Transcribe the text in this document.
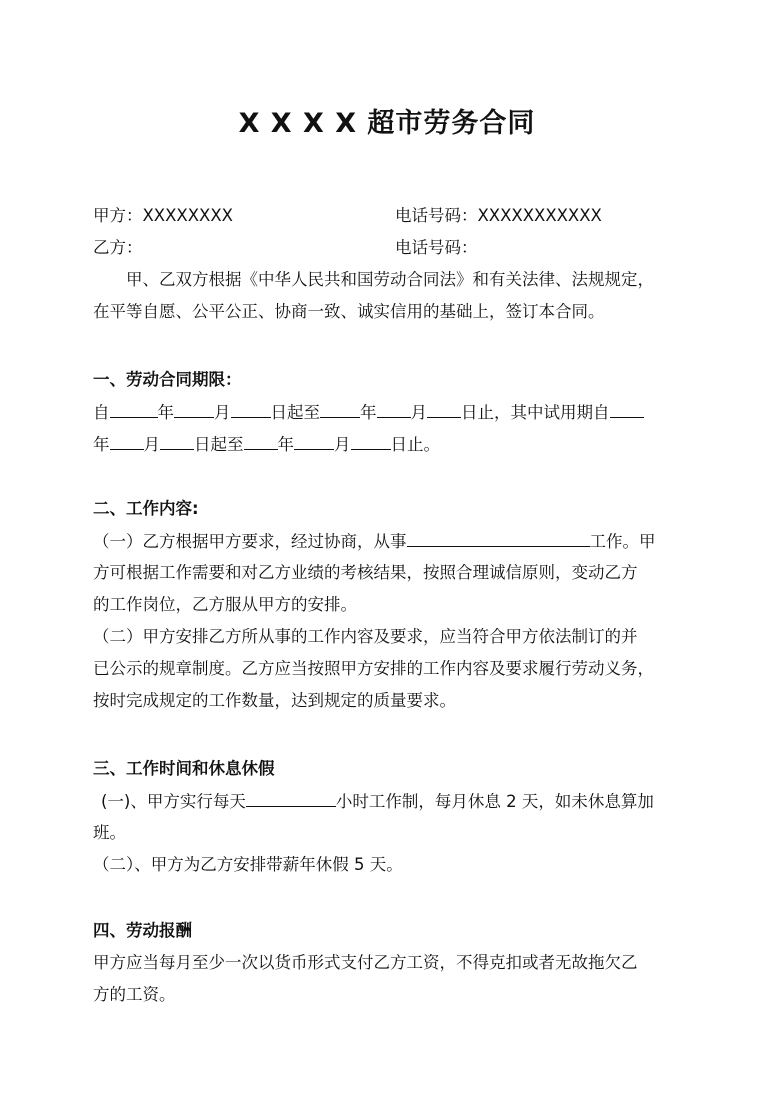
X X X X 超市劳务合同
甲方：XXXXXXXX	电话号码：XXXXXXXXXXX
乙方：	电话号码：
甲、乙双方根据《中华人民共和国劳动合同法》和有关法律、法规规定，
在平等自愿、公平公正、协商一致、诚实信用的基础上，签订本合同。
一、劳动合同期限：
自	年 月 日起至 年 月 日止，其中试用期自
年 月 日起至 年 月 日止。
二、工作内容:
（一）乙方根据甲方要求，经过协商，从事	工作。甲
方可根据工作需要和对乙方业绩的考核结果，按照合理诚信原则，变动乙方
的工作岗位，乙方服从甲方的安排。
（二）甲方安排乙方所从事的工作内容及要求，应当符合甲方依法制订的并
已公示的规章制度。乙方应当按照甲方安排的工作内容及要求履行劳动义务，
按时完成规定的工作数量，达到规定的质量要求。
三、工作时间和休息休假
(一)、甲方实行每天	小时工作制，每月休息 2 天，如未休息算加
班。
（二）、甲方为乙方安排带薪年休假 5 天。
四、劳动报酬
甲方应当每月至少一次以货币形式支付乙方工资，不得克扣或者无故拖欠乙
方的工资。
